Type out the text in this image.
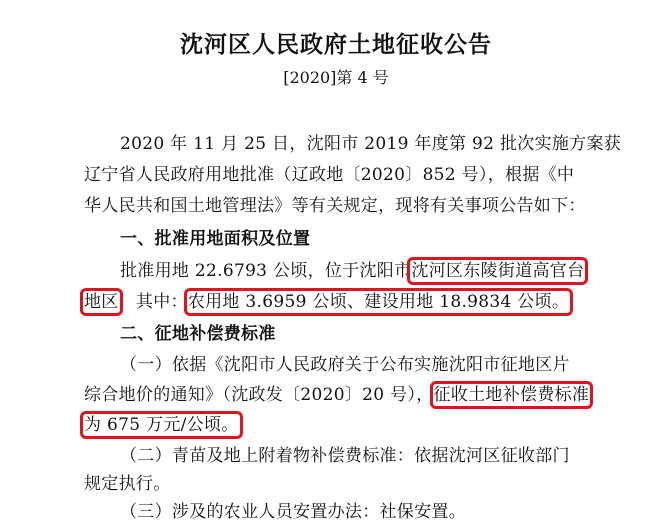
沈河区人民政府土地征收公告
[2020]第 4 号
2020 年 11 月 25 日，沈阳市 2019 年度第 92 批次实施方案获
辽宁省人民政府用地批准（辽政地〔2020〕852 号），根据《中
华人民共和国土地管理法》等有关规定，现将有关事项公告如下：
一、批准用地面积及位置
批准用地 22.6793 公顷，位于沈阳市沈河区东陵街道高官台
地区，其中：农用地 3.6959 公顷、建设用地 18.9834 公顷。
二、征地补偿费标准
（一）依据《沈阳市人民政府关于公布实施沈阳市征地区片
综合地价的通知》（沈政发〔2020〕20 号），征收土地补偿费标准
为 675 万元/公顷。
（二）青苗及地上附着物补偿费标准：依据沈河区征收部门
规定执行。
（三）涉及的农业人员安置办法：社保安置。
